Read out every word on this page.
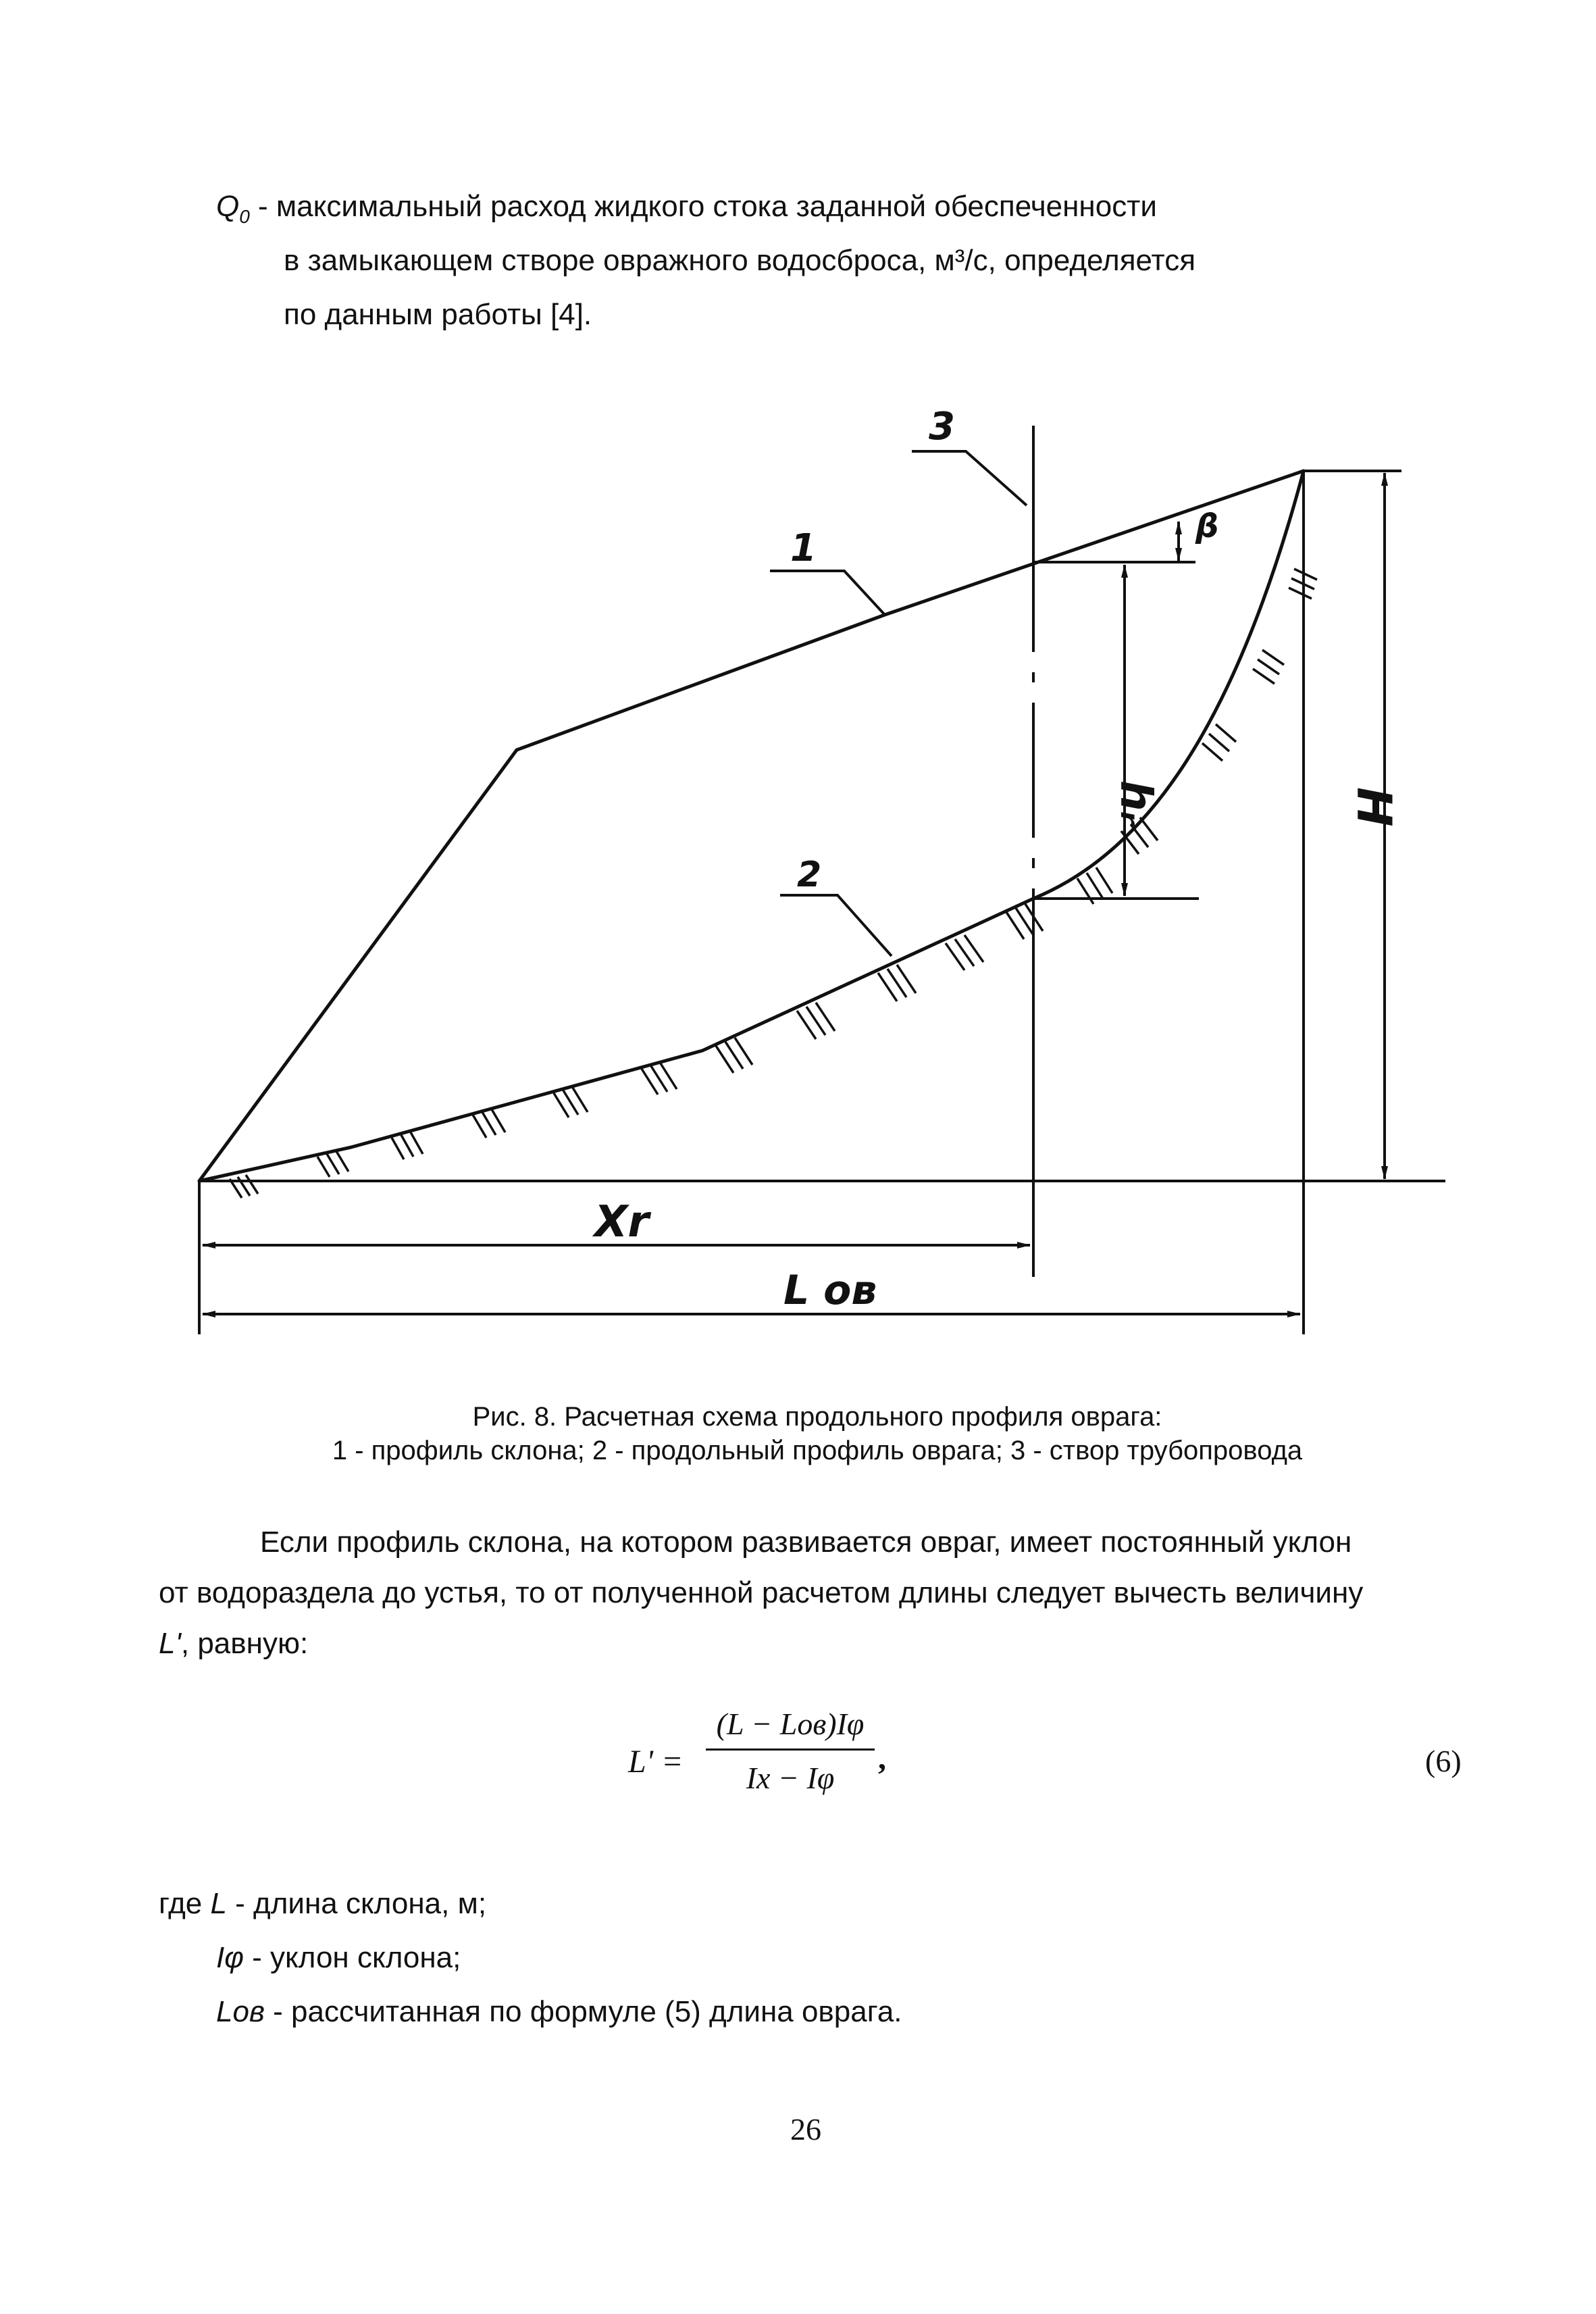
$Q_0$ - максимальный расход жидкого стока заданной обеспеченности
в замыкающем створе овражного водосброса, м³/с, определяется
по данным работы [4].
1
2
3
β
hᵣ	H
Xr
L ов
Рис. 8. Расчетная схема продольного профиля оврага:
1 - профиль склона; 2 - продольный профиль оврага; 3 - створ трубопровода
Если профиль склона, на котором развивается овраг, имеет постоянный уклон
от водораздела до устья, то от полученной расчетом длины следует вычесть величину
L', равную:
L' =
(L − Lов)Iφ
Iх − Iφ
,	(6)
где L - длина склона, м;
Iφ - уклон склона;
Lов - рассчитанная по формуле (5) длина оврага.
26
